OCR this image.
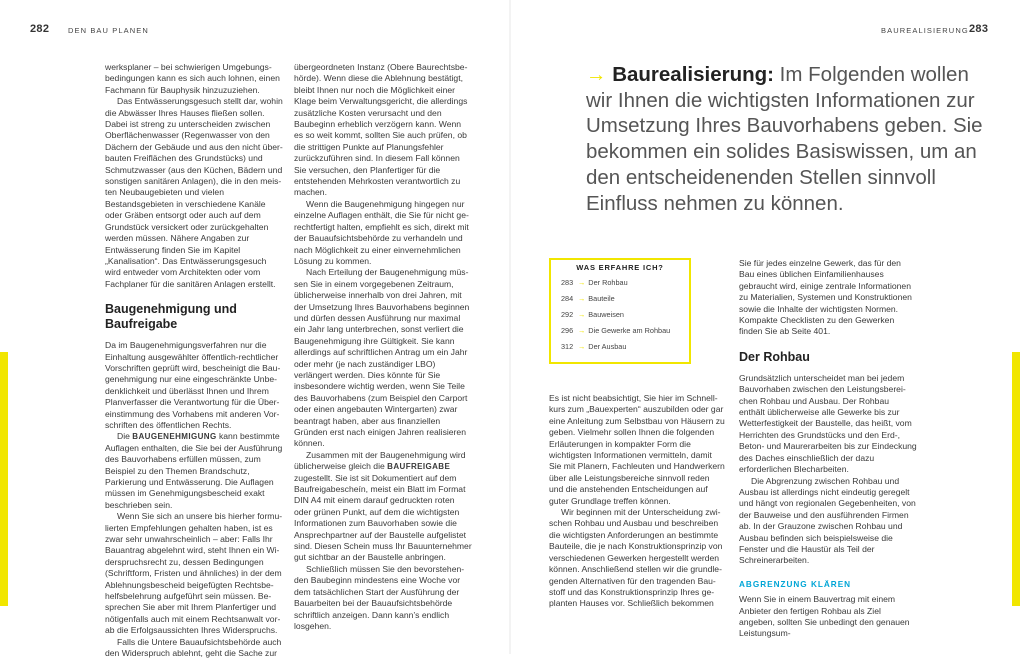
282 DEN BAU PLANEN	BAUREALISIERUNG 283

werksplaner – bei schwierigen Umgebungsbedingungen kann es sich auch lohnen, einen Fachmann für Bauphysik hinzuzuziehen.

Das Entwässerungsgesuch stellt dar, wohin die Abwässer Ihres Hauses fließen sollen. Dabei ist streng zu unterscheiden zwischen Oberflächenwasser (Regenwasser von den Dächern der Gebäude und aus den nicht überbauten Freiflächen des Grundstücks) und Schmutzwasser (aus den Küchen, Bädern und sonstigen sanitären Anlagen), die in den meisten Neubaugebieten und vielen Bestandsgebieten in verschiedene Kanäle oder Gräben entsorgt oder auch auf dem Grundstück versickert oder zurückgehalten werden müssen. Nähere Angaben zur Entwässerung finden Sie im Kapitel „Kanalisation“. Das Entwässerungsgesuch wird entweder vom Architekten oder vom Fachplaner für die sanitären Anlagen erstellt.

Baugenehmigung und Baufreigabe

Da im Baugenehmigungsverfahren nur die Einhaltung ausgewählter öffentlich-rechtlicher Vorschriften geprüft wird, bescheinigt die Baugenehmigung nur eine eingeschränkte Unbedenklichkeit und überlässt Ihnen und Ihrem Planverfasser die Verantwortung für die Übereinstimmung des Vorhabens mit anderen Vorschriften des öffentlichen Rechts.

Die BAUGENEHMIGUNG kann bestimmte Auflagen enthalten, die Sie bei der Ausführung des Bauvorhabens erfüllen müssen, zum Beispiel zu den Themen Brandschutz, Parkierung und Entwässerung. Die Auflagen müssen im Genehmigungsbescheid exakt beschrieben sein.

Wenn Sie sich an unsere bis hierher formulierten Empfehlungen gehalten haben, ist es zwar sehr unwahrscheinlich – aber: Falls Ihr Bauantrag abgelehnt wird, steht Ihnen ein Widerspruchsrecht zu, dessen Bedingungen (Schriftform, Fristen und ähnliches) in der dem Ablehnungsbescheid beigefügten Rechtsbehelfsbelehrung aufgeführt sein müssen. Besprechen Sie aber mit Ihrem Planfertiger und nötigenfalls auch mit einem Rechtsanwalt vorab die Erfolgsaussichten Ihres Widerspruchs.

Falls die Untere Bauaufsichtsbehörde auch den Widerspruch ablehnt, geht die Sache zur

übergeordneten Instanz (Obere Baurechtsbehörde). Wenn diese die Ablehnung bestätigt, bleibt Ihnen nur noch die Möglichkeit einer Klage beim Verwaltungsgericht, die allerdings zusätzliche Kosten verursacht und den Baubeginn erheblich verzögern kann. Wenn es so weit kommt, sollten Sie auch prüfen, ob die strittigen Punkte auf Planungsfehler zurückzuführen sind. In diesem Fall können Sie versuchen, den Planfertiger für die entstehenden Mehrkosten verantwortlich zu machen.

Wenn die Baugenehmigung hingegen nur einzelne Auflagen enthält, die Sie für nicht gerechtfertigt halten, empfiehlt es sich, direkt mit der Bauaufsichtsbehörde zu verhandeln und nach Möglichkeit zu einer einvernehmlichen Lösung zu kommen.

Nach Erteilung der Baugenehmigung müssen Sie in einem vorgegebenen Zeitraum, üblicherweise innerhalb von drei Jahren, mit der Umsetzung Ihres Bauvorhabens beginnen und dürfen dessen Ausführung nur maximal ein Jahr lang unterbrechen, sonst verliert die Baugenehmigung ihre Gültigkeit. Sie kann allerdings auf schriftlichen Antrag um ein Jahr oder mehr (je nach zuständiger LBO) verlängert werden. Dies könnte für Sie insbesondere wichtig werden, wenn Sie Teile des Bauvorhabens (zum Beispiel den Carport oder einen angebauten Wintergarten) zwar beantragt haben, aber aus finanziellen Gründen erst nach einigen Jahren realisieren können.

Zusammen mit der Baugenehmigung wird üblicherweise gleich die BAUFREIGABE zugestellt. Sie ist sit Dokumentiert auf dem Baufreigabescheín, meist ein Blatt im Format DIN A4 mit einem darauf gedruckten roten oder grünen Punkt, auf dem die wichtigsten Informationen zum Bauvorhaben sowie die Ansprechpartner auf der Baustelle aufgelistet sind. Diesen Schein muss Ihr Bauunternehmer gut sichtbar an der Baustelle anbringen.

Schließlich müssen Sie den bevorstehenden Baubeginn mindestens eine Woche vor dem tatsächlichen Start der Ausführung der Bauarbeiten bei der Bauaufsichtsbehörde schriftlich anzeigen. Dann kann’s endlich losgehen.

→ Baurealisierung: Im Folgenden wollen wir Ihnen die wichtigsten Informationen zur Umsetzung Ihres Bauvorhabens geben. Sie bekommen ein solides Basiswissen, um an den entscheidenenden Stellen sinnvoll Einfluss nehmen zu können.
WAS ERFAHRE ICH?
283 → Der Rohbau
284 → Bauteile
292 → Bauweisen
296 → Die Gewerke am Rohbau
312 → Der Ausbau

Es ist nicht beabsichtigt, Sie hier im Schnellkurs zum „Bauexperten“ auszubilden oder gar eine Anleitung zum Selbstbau von Häusern zu geben. Vielmehr sollen Ihnen die folgenden Erläuterungen in kompakter Form die wichtigsten Informationen vermitteln, damit Sie mit Planern, Fachleuten und Handwerkern über alle Leistungsbereiche sinnvoll reden und die anstehenden Entscheidungen auf guter Grundlage treffen können.

Wir beginnen mit der Unterscheidung zwischen Rohbau und Ausbau und beschreiben die wichtigsten Anforderungen an bestimmte Bauteile, die je nach Konstruktionsprinzip von verschiedenen Gewerken hergestellt werden können. Anschließend stellen wir die grundlegenden Alternativen für den tragenden Baustoff und das Konstruktionsprinzip Ihres geplanten Hauses vor. Schließlich bekommen

Sie für jedes einzelne Gewerk, das für den Bau eines üblichen Einfamilienhauses gebraucht wird, einige zentrale Informationen zu Materialien, Systemen und Konstruktionen sowie die Inhalte der wichtigsten Normen. Kompakte Checklisten zu den Gewerken finden Sie ab Seite 401.

Der Rohbau

Grundsätzlich unterscheidet man bei jedem Bauvorhaben zwischen den Leistungsbereichen Rohbau und Ausbau. Der Rohbau enthält üblicherweise alle Gewerke bis zur Wetterfestigkeit der Baustelle, das heißt, vom Herrichten des Grundstücks und den Erd-, Beton- und Maurerarbeiten bis zur Eindeckung des Daches einschließlich der dazu erforderlichen Blecharbeiten.

Die Abgrenzung zwischen Rohbau und Ausbau ist allerdings nicht eindeutig geregelt und hängt von regionalen Gegebenheiten, von der Bauweise und den ausführenden Firmen ab. In der Grauzone zwischen Rohbau und Ausbau befinden sich beispielsweise die Fenster und die Haustür als Teil der Schreinerarbeiten.

ABGRENZUNG KLÄREN

Wenn Sie in einem Bauvertrag mit einem Anbieter den fertigen Rohbau als Ziel angeben, sollten Sie unbedingt den genauen Leistungsum-
